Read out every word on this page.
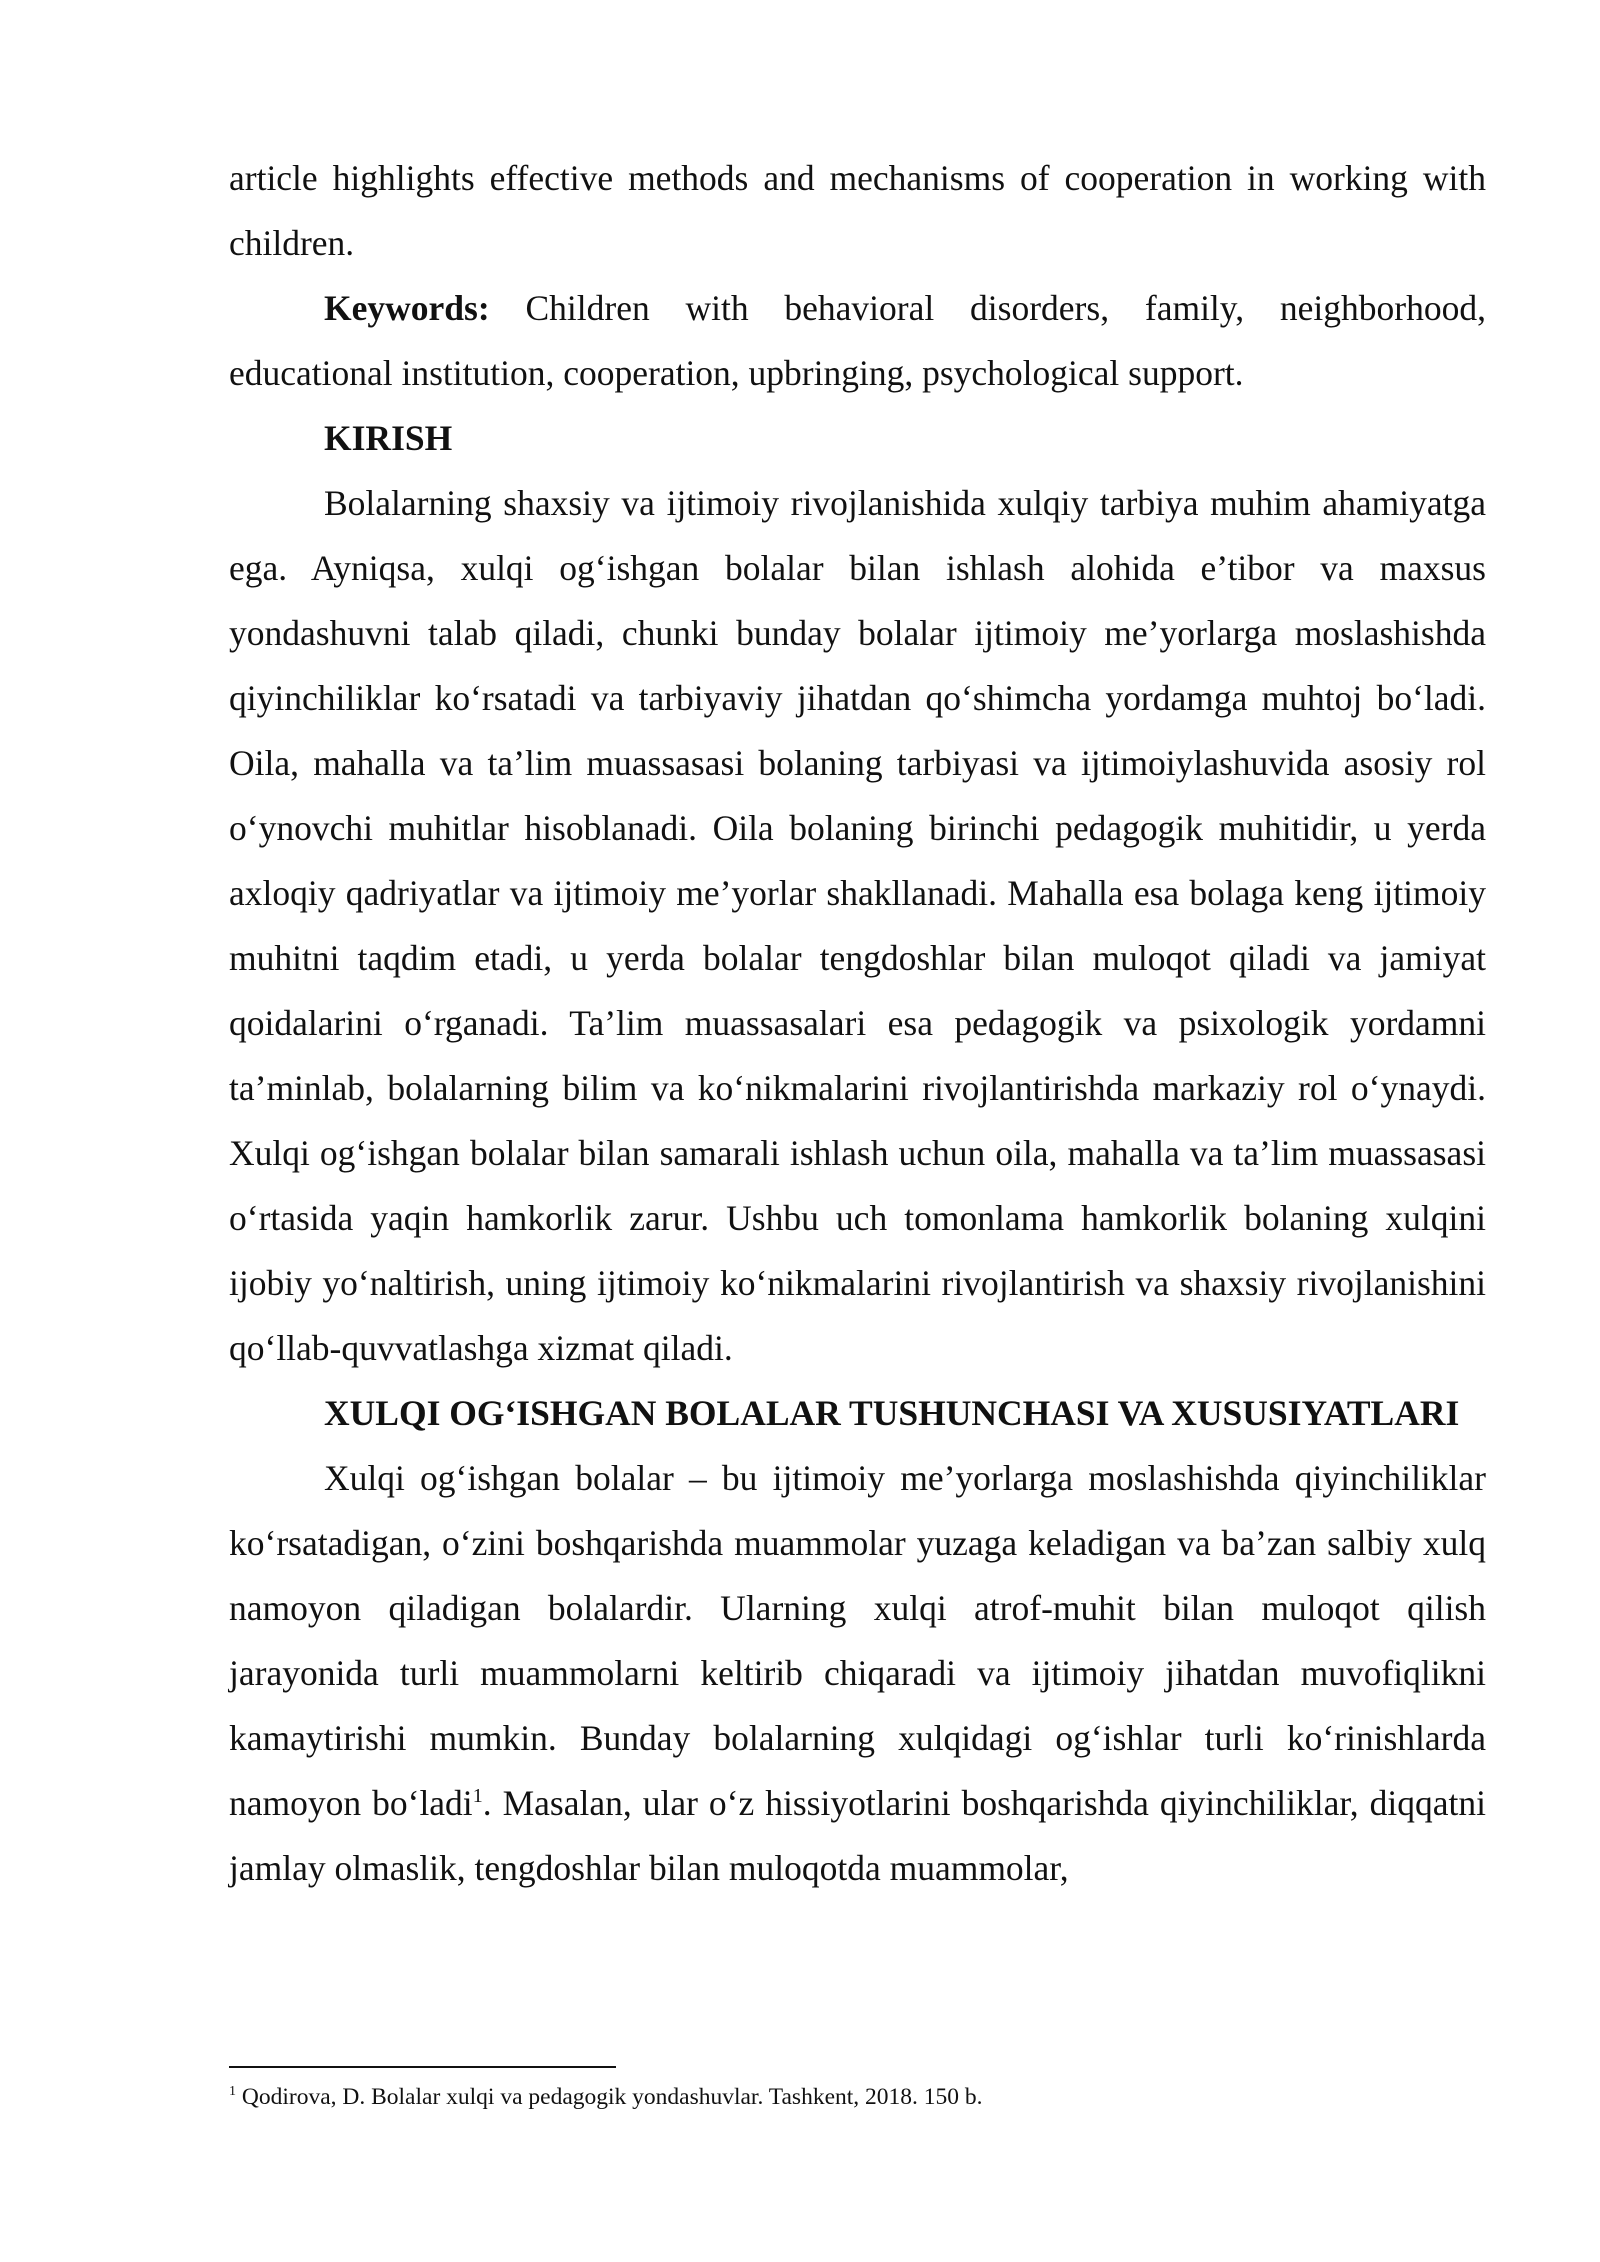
article highlights effective methods and mechanisms of cooperation in working with children.

Keywords: Children with behavioral disorders, family, neighborhood, educational institution, cooperation, upbringing, psychological support.

KIRISH

Bolalarning shaxsiy va ijtimoiy rivojlanishida xulqiy tarbiya muhim ahamiyatga ega. Ayniqsa, xulqi og‘ishgan bolalar bilan ishlash alohida e’tibor va maxsus yondashuvni talab qiladi, chunki bunday bolalar ijtimoiy me’yorlarga moslashishda qiyinchiliklar ko‘rsatadi va tarbiyaviy jihatdan qo‘shimcha yordamga muhtoj bo‘ladi. Oila, mahalla va ta’lim muassasasi bolaning tarbiyasi va ijtimoiylashuvida asosiy rol o‘ynovchi muhitlar hisoblanadi. Oila bolaning birinchi pedagogik muhitidir, u yerda axloqiy qadriyatlar va ijtimoiy me’yorlar shakllanadi. Mahalla esa bolaga keng ijtimoiy muhitni taqdim etadi, u yerda bolalar tengdoshlar bilan muloqot qiladi va jamiyat qoidalarini o‘rganadi. Ta’lim muassasalari esa pedagogik va psixologik yordamni ta’minlab, bolalarning bilim va ko‘nikmalarini rivojlantirishda markaziy rol o‘ynaydi. Xulqi og‘ishgan bolalar bilan samarali ishlash uchun oila, mahalla va ta’lim muassasasi o‘rtasida yaqin hamkorlik zarur. Ushbu uch tomonlama hamkorlik bolaning xulqini ijobiy yo‘naltirish, uning ijtimoiy ko‘nikmalarini rivojlantirish va shaxsiy rivojlanishini qo‘llab-quvvatlashga xizmat qiladi.

XULQI OG‘ISHGAN BOLALAR TUSHUNCHASI VA XUSUSIYATLARI

Xulqi og‘ishgan bolalar – bu ijtimoiy me’yorlarga moslashishda qiyinchiliklar ko‘rsatadigan, o‘zini boshqarishda muammolar yuzaga keladigan va ba’zan salbiy xulq namoyon qiladigan bolalardir. Ularning xulqi atrof-muhit bilan muloqot qilish jarayonida turli muammolarni keltirib chiqaradi va ijtimoiy jihatdan muvofiqlikni kamaytirishi mumkin. Bunday bolalarning xulqidagi og‘ishlar turli ko‘rinishlarda namoyon bo‘ladi$^1$. Masalan, ular o‘z hissiyotlarini boshqarishda qiyinchiliklar, diqqatni jamlay olmaslik, tengdoshlar bilan muloqotda muammolar,

$^1$ Qodirova, D. Bolalar xulqi va pedagogik yondashuvlar. Tashkent, 2018. 150 b.
